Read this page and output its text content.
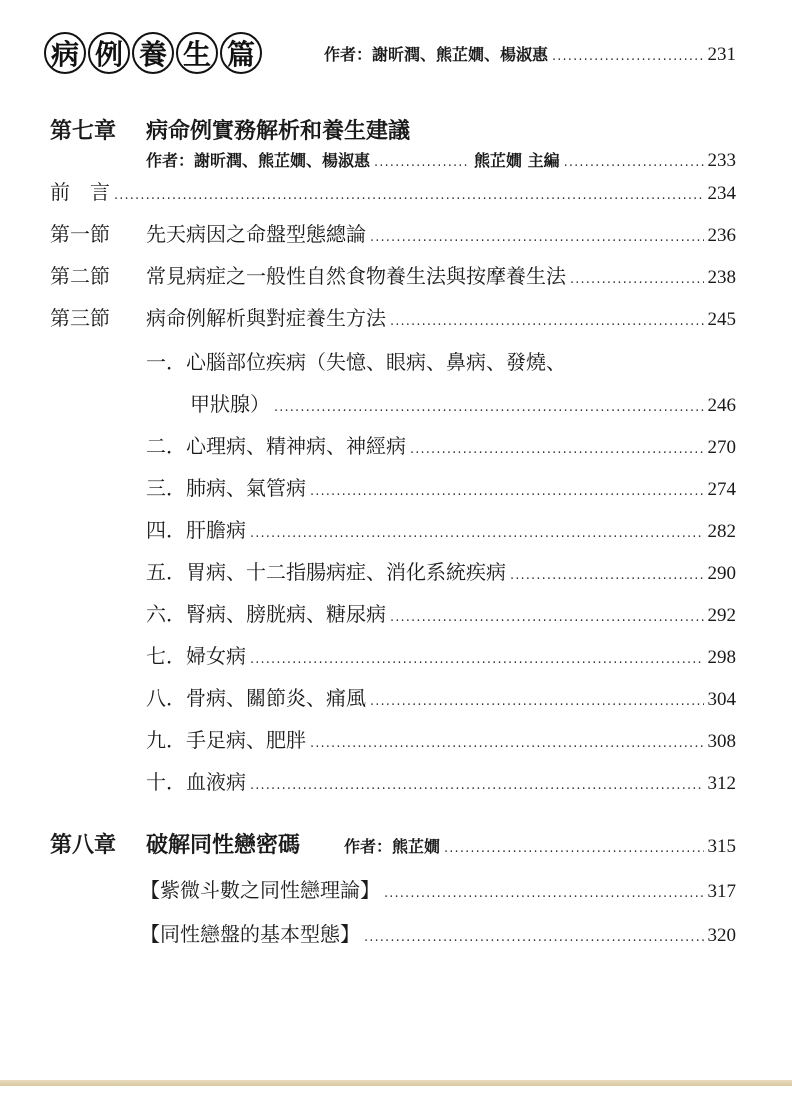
病 例 養 生 篇	作者：謝昕潤、熊芷嫺、楊淑惠 . . .	231
第七章	病命例實務解析和養生建議
作者：謝昕潤、熊芷嫺、楊淑惠 . . .	熊芷嫺 主編 . . .	233
前　言 . . .	234
第一節	先天病因之命盤型態總論 . . .	236
第二節	常見病症之一般性自然食物養生法與按摩養生法 . . .	238
第三節	病命例解析與對症養生方法 . . .	245
一． 心腦部位疾病（失憶、眼病、鼻病、發燒、
甲狀腺） . . .	246
二． 心理病、精神病、神經病 . . .	270
三． 肺病、氣管病 . . .	274
四． 肝膽病 . . .	282
五． 胃病、十二指腸病症、消化系統疾病 . . .	290
六． 腎病、膀胱病、糖尿病 . . .	292
七． 婦女病 . . .	298
八． 骨病、關節炎、痛風 . . .	304
九． 手足病、肥胖 . . .	308
十． 血液病 . . .	312
第八章	破解同性戀密碼	作者：熊芷嫺 . . .	315
【紫微斗數之同性戀理論】 . . .	317
【同性戀盤的基本型態】 . . .	320
